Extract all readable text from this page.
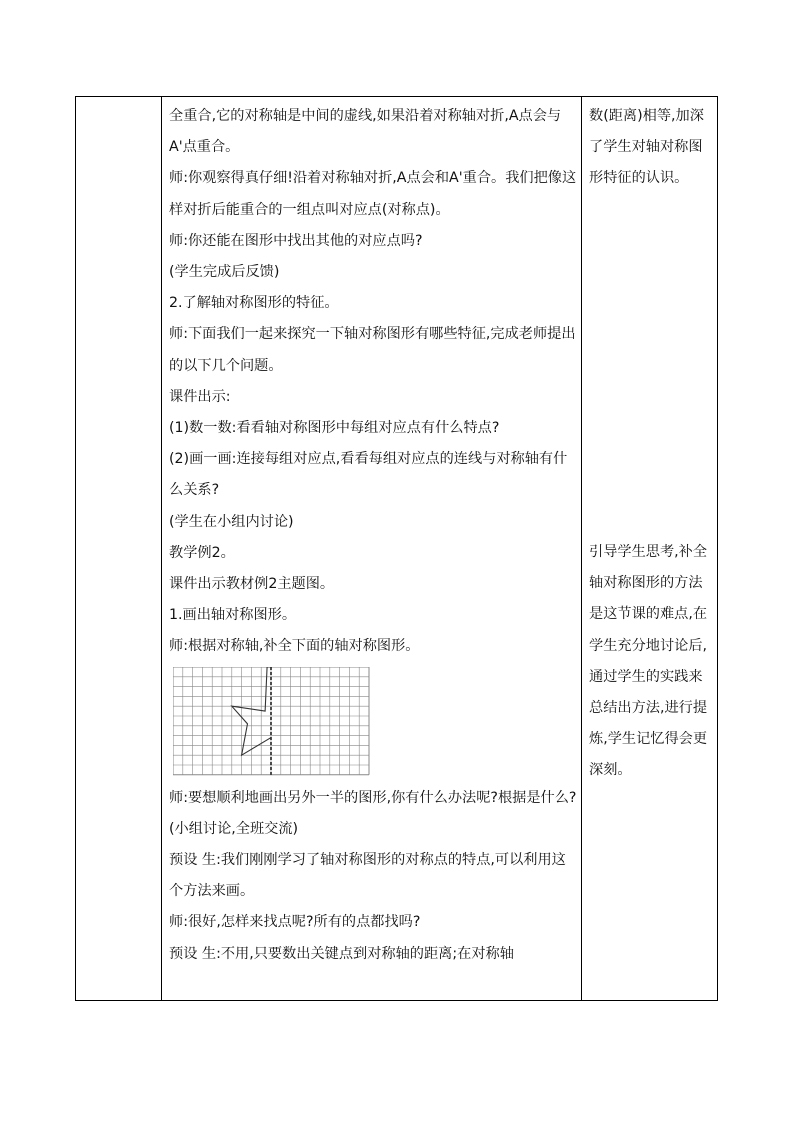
全重合,它的对称轴是中间的虚线,如果沿着对称轴对折,A点会与A'点重合。

师:你观察得真仔细!沿着对称轴对折,A点会和A'重合。我们把像这样对折后能重合的一组点叫对应点(对称点)。

师:你还能在图形中找出其他的对应点吗?

(学生完成后反馈)

2.了解轴对称图形的特征。

师:下面我们一起来探究一下轴对称图形有哪些特征,完成老师提出的以下几个问题。

课件出示:

(1)数一数:看看轴对称图形中每组对应点有什么特点?

(2)画一画:连接每组对应点,看看每组对应点的连线与对称轴有什么关系?

(学生在小组内讨论)

教学例2。

课件出示教材例2主题图。

1.画出轴对称图形。

师:根据对称轴,补全下面的轴对称图形。

师:要想顺利地画出另外一半的图形,你有什么办法呢?根据是什么?

(小组讨论,全班交流)

预设 生:我们刚刚学习了轴对称图形的对称点的特点,可以利用这个方法来画。

师:很好,怎样来找点呢?所有的点都找吗?

预设 生:不用,只要数出关键点到对称轴的距离;在对称轴

数(距离)相等,加深了学生对轴对称图形特征的认识。

引导学生思考,补全轴对称图形的方法是这节课的难点,在学生充分地讨论后,通过学生的实践来总结出方法,进行提炼,学生记忆得会更深刻。
